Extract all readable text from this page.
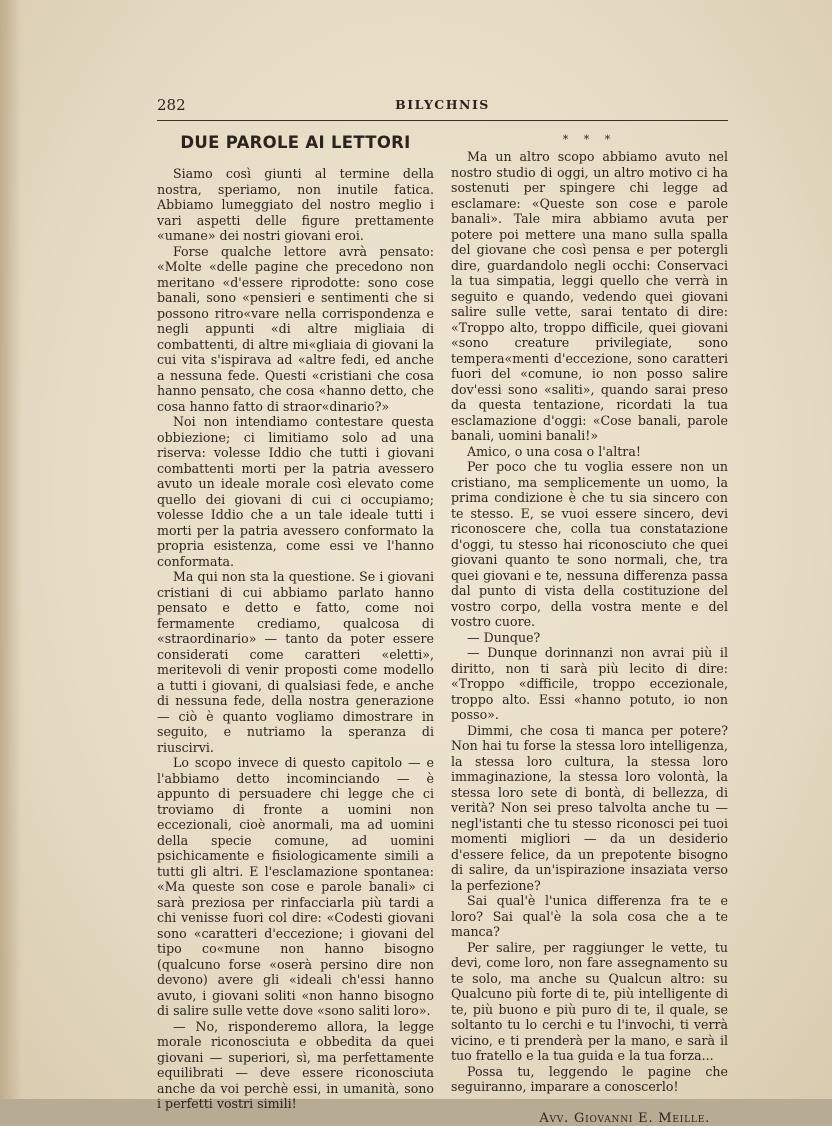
282	BILYCHNIS
DUE PAROLE AI LETTORI

Siamo così giunti al termine della nostra, speriamo, non inutile fatica. Abbiamo lumeggiato del nostro meglio i vari aspetti delle figure prettamente «umane» dei nostri giovani eroi.

Forse qualche lettore avrà pensato: «Molte «delle pagine che precedono non meritano «d'essere riprodotte: sono cose banali, sono «pensieri e sentimenti che si possono ritro«vare nella corrispondenza e negli appunti «di altre migliaia di combattenti, di altre mi«gliaia di giovani la cui vita s'ispirava ad «altre fedi, ed anche a nessuna fede. Questi «cristiani che cosa hanno pensato, che cosa «hanno detto, che cosa hanno fatto di straor«dinario?»

Noi non intendiamo contestare questa obbiezione; ci limitiamo solo ad una riserva: volesse Iddio che tutti i giovani combattenti morti per la patria avessero avuto un ideale morale così elevato come quello dei giovani di cui ci occupiamo; volesse Iddio che a un tale ideale tutti i morti per la patria avessero conformato la propria esistenza, come essi ve l'hanno conformata.

Ma qui non sta la questione. Se i giovani cristiani di cui abbiamo parlato hanno pensato e detto e fatto, come noi fermamente crediamo, qualcosa di «straordinario» — tanto da poter essere considerati come caratteri «eletti», meritevoli di venir proposti come modello a tutti i giovani, di qualsiasi fede, e anche di nessuna fede, della nostra generazione — ciò è quanto vogliamo dimostrare in seguito, e nutriamo la speranza di riuscirvi.

Lo scopo invece di questo capitolo — e l'abbiamo detto incominciando — è appunto di persuadere chi legge che ci troviamo di fronte a uomini non eccezionali, cioè anormali, ma ad uomini della specie comune, ad uomini psichicamente e fisiologicamente simili a tutti gli altri. E l'esclamazione spontanea: «Ma queste son cose e parole banali» ci sarà preziosa per rinfacciarla più tardi a chi venisse fuori col dire: «Codesti giovani sono «caratteri d'eccezione; i giovani del tipo co«mune non hanno bisogno (qualcuno forse «oserà persino dire non devono) avere gli «ideali ch'essi hanno avuto, i giovani soliti «non hanno bisogno di salire sulle vette dove «sono saliti loro».

— No, risponderemo allora, la legge morale riconosciuta e obbedita da quei giovani — superiori, sì, ma perfettamente equilibrati — deve essere riconosciuta anche da voi perchè essi, in umanità, sono i perfetti vostri simili!

* * *

Ma un altro scopo abbiamo avuto nel nostro studio di oggi, un altro motivo ci ha sostenuti per spingere chi legge ad esclamare: «Queste son cose e parole banali». Tale mira abbiamo avuta per potere poi mettere una mano sulla spalla del giovane che così pensa e per potergli dire, guardandolo negli occhi: Conservaci la tua simpatia, leggi quello che verrà in seguito e quando, vedendo quei giovani salire sulle vette, sarai tentato di dire: «Troppo alto, troppo difficile, quei giovani «sono creature privilegiate, sono tempera«menti d'eccezione, sono caratteri fuori del «comune, io non posso salire dov'essi sono «saliti», quando sarai preso da questa tentazione, ricordati la tua esclamazione d'oggi: «Cose banali, parole banali, uomini banali!»

Amico, o una cosa o l'altra!

Per poco che tu voglia essere non un cristiano, ma semplicemente un uomo, la prima condizione è che tu sia sincero con te stesso. E, se vuoi essere sincero, devi riconoscere che, colla tua constatazione d'oggi, tu stesso hai riconosciuto che quei giovani quanto te sono normali, che, tra quei giovani e te, nessuna differenza passa dal punto di vista della costituzione del vostro corpo, della vostra mente e del vostro cuore.

— Dunque?

— Dunque dorinnanzi non avrai più il diritto, non ti sarà più lecito di dire: «Troppo «difficile, troppo eccezionale, troppo alto. Essi «hanno potuto, io non posso».

Dimmi, che cosa ti manca per potere? Non hai tu forse la stessa loro intelligenza, la stessa loro cultura, la stessa loro immaginazione, la stessa loro volontà, la stessa loro sete di bontà, di bellezza, di verità? Non sei preso talvolta anche tu — negl'istanti che tu stesso riconosci pei tuoi momenti migliori — da un desiderio d'essere felice, da un prepotente bisogno di salire, da un'ispirazione insaziata verso la perfezione?

Sai qual'è l'unica differenza fra te e loro? Sai qual'è la sola cosa che a te manca?

Per salire, per raggiunger le vette, tu devi, come loro, non fare assegnamento su te solo, ma anche su Qualcun altro: su Qualcuno più forte di te, più intelligente di te, più buono e più puro di te, il quale, se soltanto tu lo cerchi e tu l'invochi, ti verrà vicino, e ti prenderà per la mano, e sarà il tuo fratello e la tua guida e la tua forza...

Possa tu, leggendo le pagine che seguiranno, imparare a conoscerlo!

Avv. Giovanni E. Meille.
